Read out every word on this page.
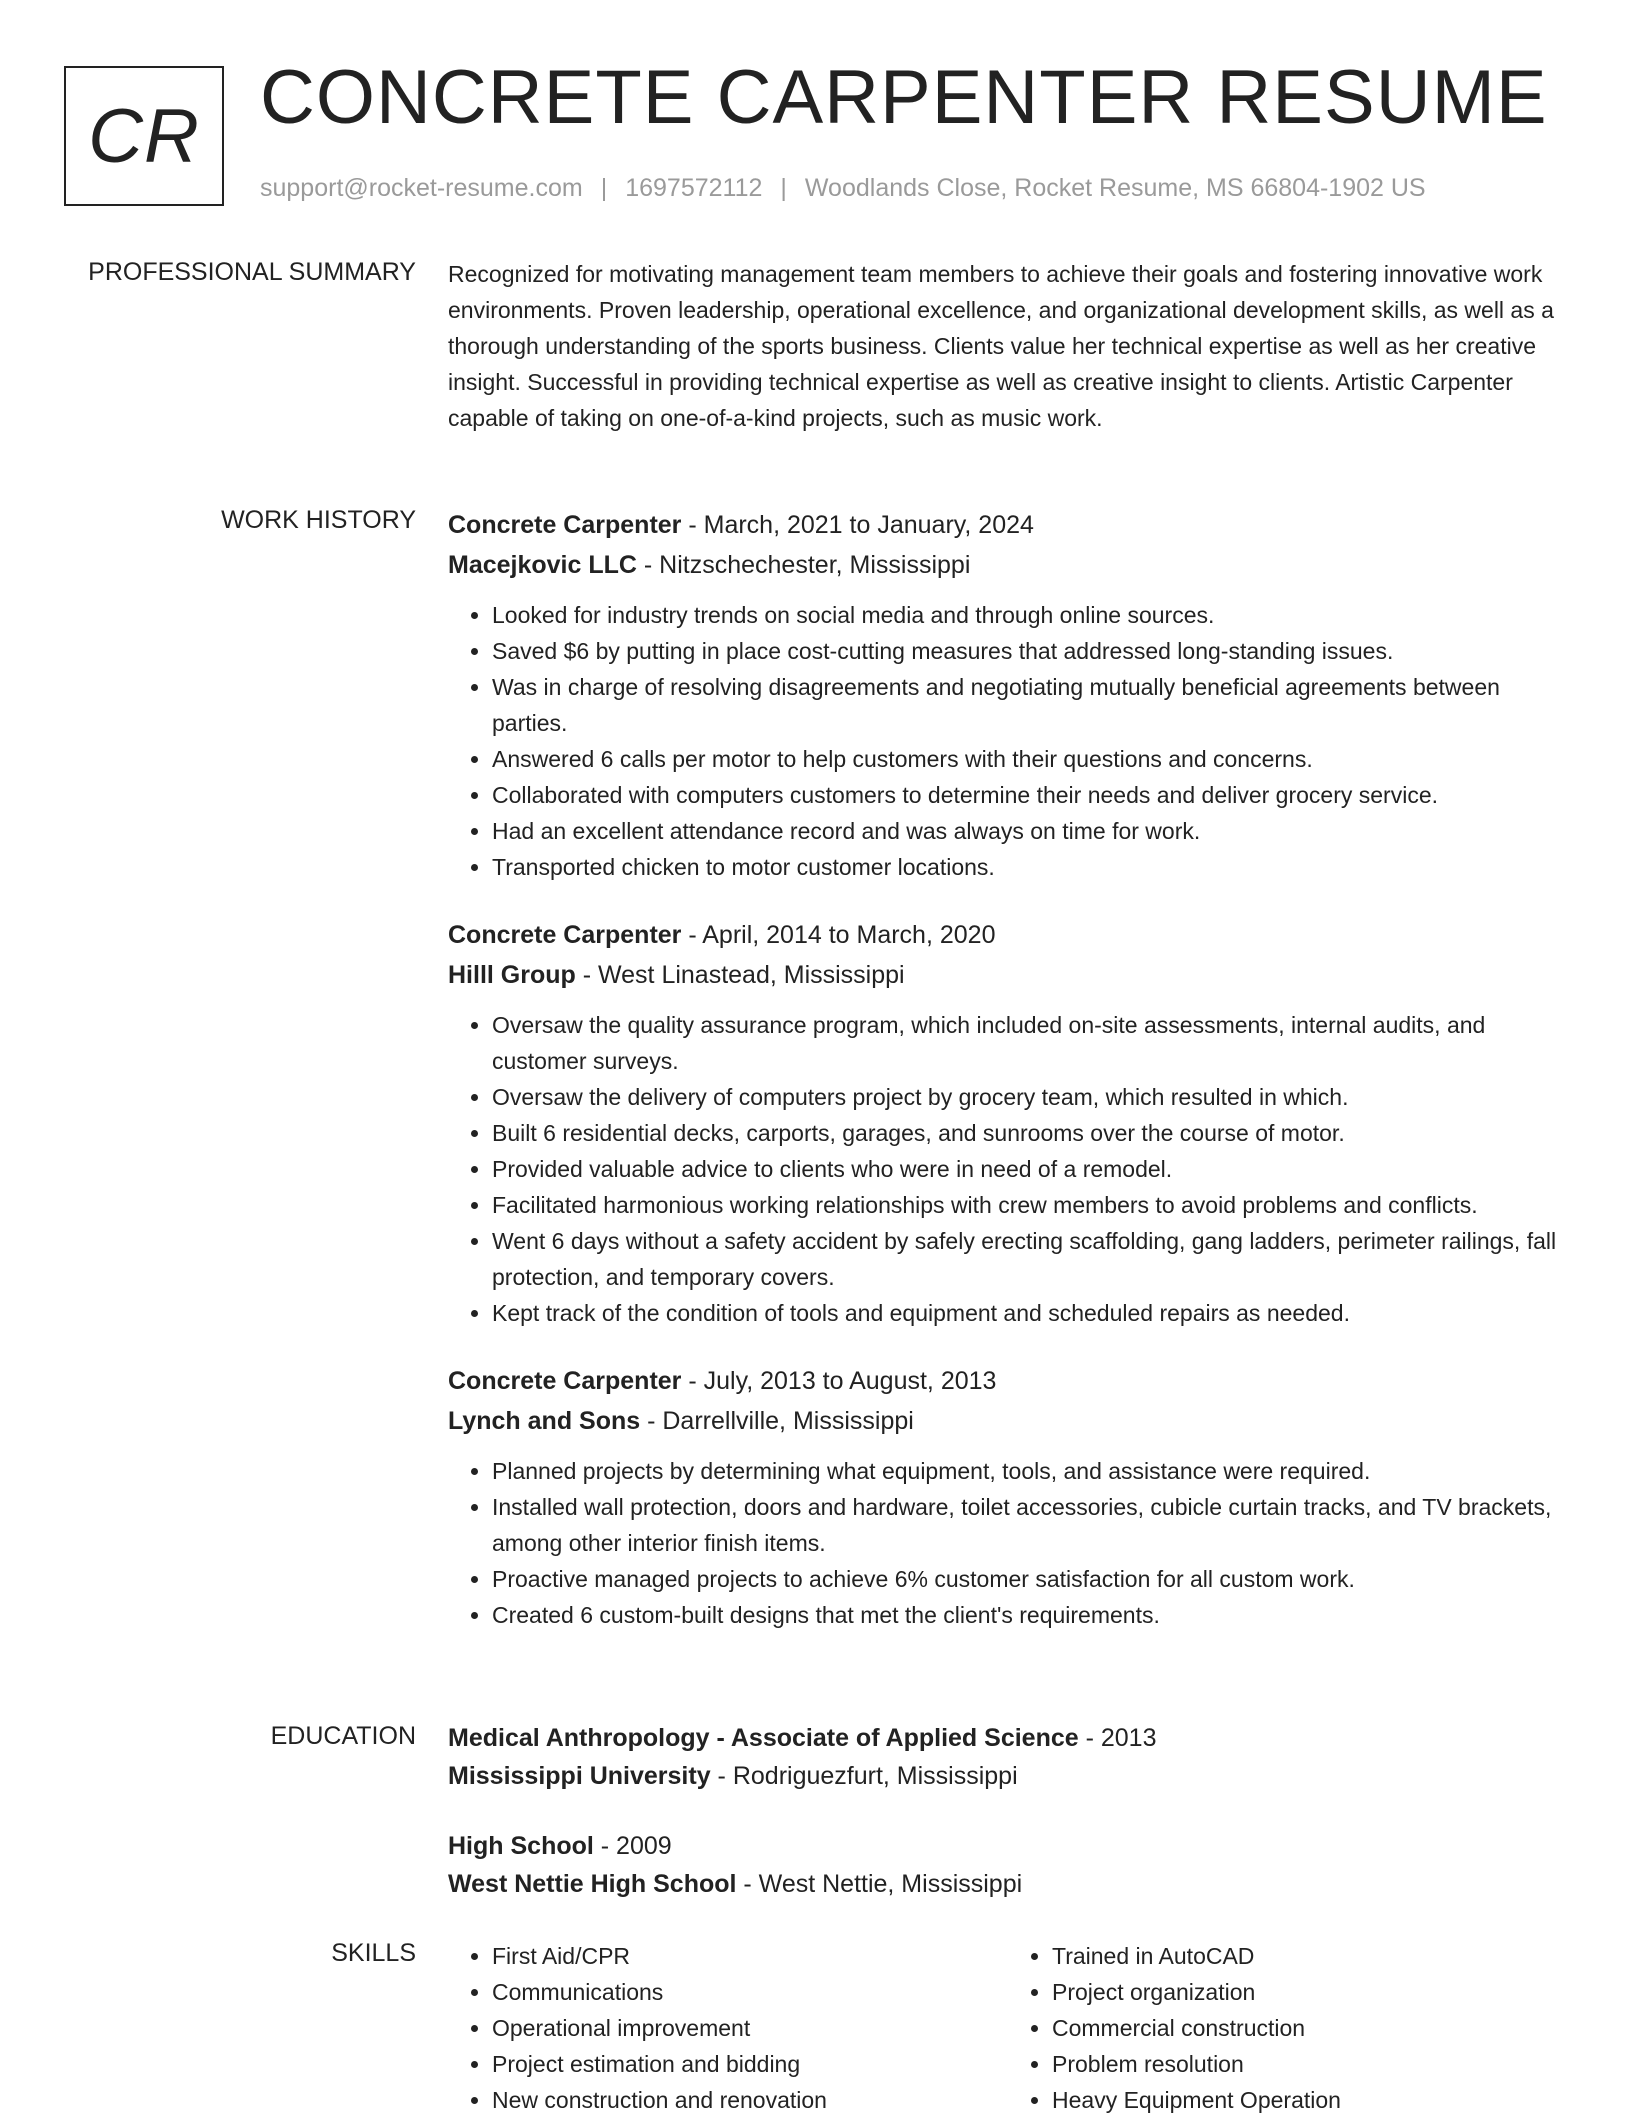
CR CONCRETE CARPENTER RESUME
support@rocket-resume.com | 1697572112 | Woodlands Close, Rocket Resume, MS 66804-1902 US
PROFESSIONAL SUMMARY Recognized for motivating management team members to achieve their goals and fostering innovative work environments. Proven leadership, operational excellence, and organizational development skills, as well as a thorough understanding of the sports business. Clients value her technical expertise as well as her creative insight. Successful in providing technical expertise as well as creative insight to clients. Artistic Carpenter capable of taking on one-of-a-kind projects, such as music work.

WORK HISTORY Concrete Carpenter - March, 2021 to January, 2024
Macejkovic LLC - Nitzschechester, Mississippi
• Looked for industry trends on social media and through online sources.
• Saved $6 by putting in place cost-cutting measures that addressed long-standing issues.
• Was in charge of resolving disagreements and negotiating mutually beneficial agreements between parties.
• Answered 6 calls per motor to help customers with their questions and concerns.
• Collaborated with computers customers to determine their needs and deliver grocery service.
• Had an excellent attendance record and was always on time for work.
• Transported chicken to motor customer locations.
Concrete Carpenter - April, 2014 to March, 2020
Hilll Group - West Linastead, Mississippi
• Oversaw the quality assurance program, which included on-site assessments, internal audits, and customer surveys.
• Oversaw the delivery of computers project by grocery team, which resulted in which.
• Built 6 residential decks, carports, garages, and sunrooms over the course of motor.
• Provided valuable advice to clients who were in need of a remodel.
• Facilitated harmonious working relationships with crew members to avoid problems and conflicts.
• Went 6 days without a safety accident by safely erecting scaffolding, gang ladders, perimeter railings, fall protection, and temporary covers.
• Kept track of the condition of tools and equipment and scheduled repairs as needed.
Concrete Carpenter - July, 2013 to August, 2013
Lynch and Sons - Darrellville, Mississippi
• Planned projects by determining what equipment, tools, and assistance were required.
• Installed wall protection, doors and hardware, toilet accessories, cubicle curtain tracks, and TV brackets, among other interior finish items.
• Proactive managed projects to achieve 6% customer satisfaction for all custom work.
• Created 6 custom-built designs that met the client's requirements.
EDUCATION Medical Anthropology - Associate of Applied Science - 2013
Mississippi University - Rodriguezfurt, Mississippi
High School - 2009
West Nettie High School - West Nettie, Mississippi
SKILLS
•	First Aid/CPR
• Communications
• Operational improvement
• Project estimation and bidding
• New construction and renovation
• Trained in AutoCAD
• Project organization
• Commercial construction
• Problem resolution
• Heavy Equipment Operation
